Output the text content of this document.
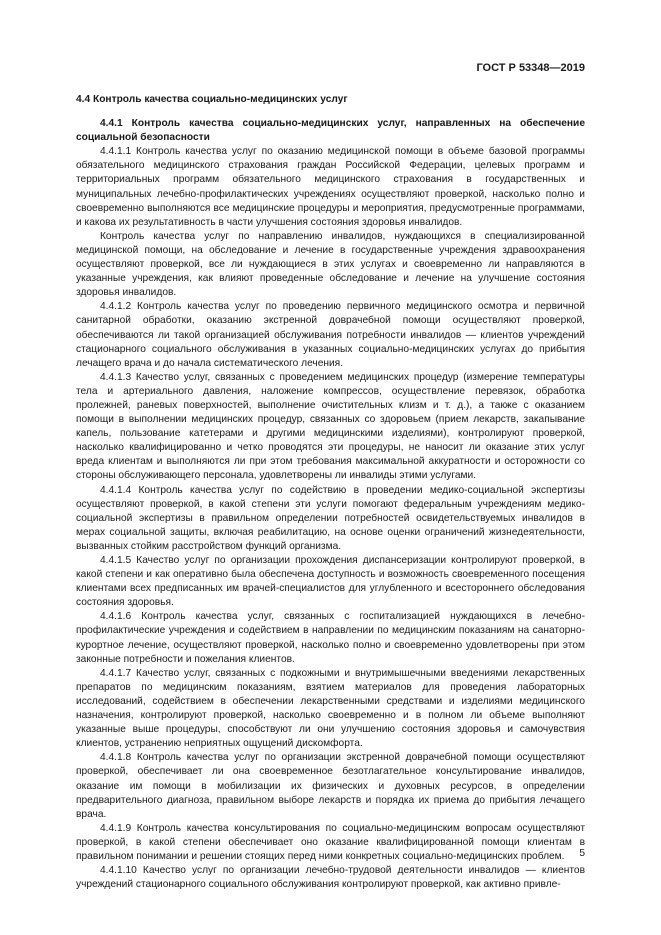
ГОСТ Р 53348—2019
4.4 Контроль качества социально-медицинских услуг
4.4.1 Контроль качества социально-медицинских услуг, направленных на обеспечение социальной безопасности

4.4.1.1 Контроль качества услуг по оказанию медицинской помощи в объеме базовой программы обязательного медицинского страхования граждан Российской Федерации, целевых программ и территориальных программ обязательного медицинского страхования в государственных и муниципальных лечебно-профилактических учреждениях осуществляют проверкой, насколько полно и своевременно выполняются все медицинские процедуры и мероприятия, предусмотренные программами, и какова их результативность в части улучшения состояния здоровья инвалидов.

Контроль качества услуг по направлению инвалидов, нуждающихся в специализированной медицинской помощи, на обследование и лечение в государственные учреждения здравоохранения осуществляют проверкой, все ли нуждающиеся в этих услугах и своевременно ли направляются в указанные учреждения, как влияют проведенные обследование и лечение на улучшение состояния здоровья инвалидов.

4.4.1.2 Контроль качества услуг по проведению первичного медицинского осмотра и первичной санитарной обработки, оказанию экстренной доврачебной помощи осуществляют проверкой, обеспечиваются ли такой организацией обслуживания потребности инвалидов — клиентов учреждений стационарного социального обслуживания в указанных социально-медицинских услугах до прибытия лечащего врача и до начала систематического лечения.

4.4.1.3 Качество услуг, связанных с проведением медицинских процедур (измерение температуры тела и артериального давления, наложение компрессов, осуществление перевязок, обработка пролежней, раневых поверхностей, выполнение очистительных клизм и т. д.), а также с оказанием помощи в выполнении медицинских процедур, связанных со здоровьем (прием лекарств, закапывание капель, пользование катетерами и другими медицинскими изделиями), контролируют проверкой, насколько квалифицированно и четко проводятся эти процедуры, не наносит ли оказание этих услуг вреда клиентам и выполняются ли при этом требования максимальной аккуратности и осторожности со стороны обслуживающего персонала, удовлетворены ли инвалиды этими услугами.

4.4.1.4 Контроль качества услуг по содействию в проведении медико-социальной экспертизы осуществляют проверкой, в какой степени эти услуги помогают федеральным учреждениям медико-социальной экспертизы в правильном определении потребностей освидетельствуемых инвалидов в мерах социальной защиты, включая реабилитацию, на основе оценки ограничений жизнедеятельности, вызванных стойким расстройством функций организма.

4.4.1.5 Качество услуг по организации прохождения диспансеризации контролируют проверкой, в какой степени и как оперативно была обеспечена доступность и возможность своевременного посещения клиентами всех предписанных им врачей-специалистов для углубленного и всестороннего обследования состояния здоровья.

4.4.1.6 Контроль качества услуг, связанных с госпитализацией нуждающихся в лечебно-профилактические учреждения и содействием в направлении по медицинским показаниям на санаторно-курортное лечение, осуществляют проверкой, насколько полно и своевременно удовлетворены при этом законные потребности и пожелания клиентов.

4.4.1.7 Качество услуг, связанных с подкожными и внутримышечными введениями лекарственных препаратов по медицинским показаниям, взятием материалов для проведения лабораторных исследований, содействием в обеспечении лекарственными средствами и изделиями медицинского назначения, контролируют проверкой, насколько своевременно и в полном ли объеме выполняют указанные выше процедуры, способствуют ли они улучшению состояния здоровья и самочувствия клиентов, устранению неприятных ощущений дискомфорта.

4.4.1.8 Контроль качества услуг по организации экстренной доврачебной помощи осуществляют проверкой, обеспечивает ли она своевременное безотлагательное консультирование инвалидов, оказание им помощи в мобилизации их физических и духовных ресурсов, в определении предварительного диагноза, правильном выборе лекарств и порядка их приема до прибытия лечащего врача.

4.4.1.9 Контроль качества консультирования по социально-медицинским вопросам осуществляют проверкой, в какой степени обеспечивает оно оказание квалифицированной помощи клиентам в правильном понимании и решении стоящих перед ними конкретных социально-медицинских проблем.

4.4.1.10 Качество услуг по организации лечебно-трудовой деятельности инвалидов — клиентов учреждений стационарного социального обслуживания контролируют проверкой, как активно привле-

5
